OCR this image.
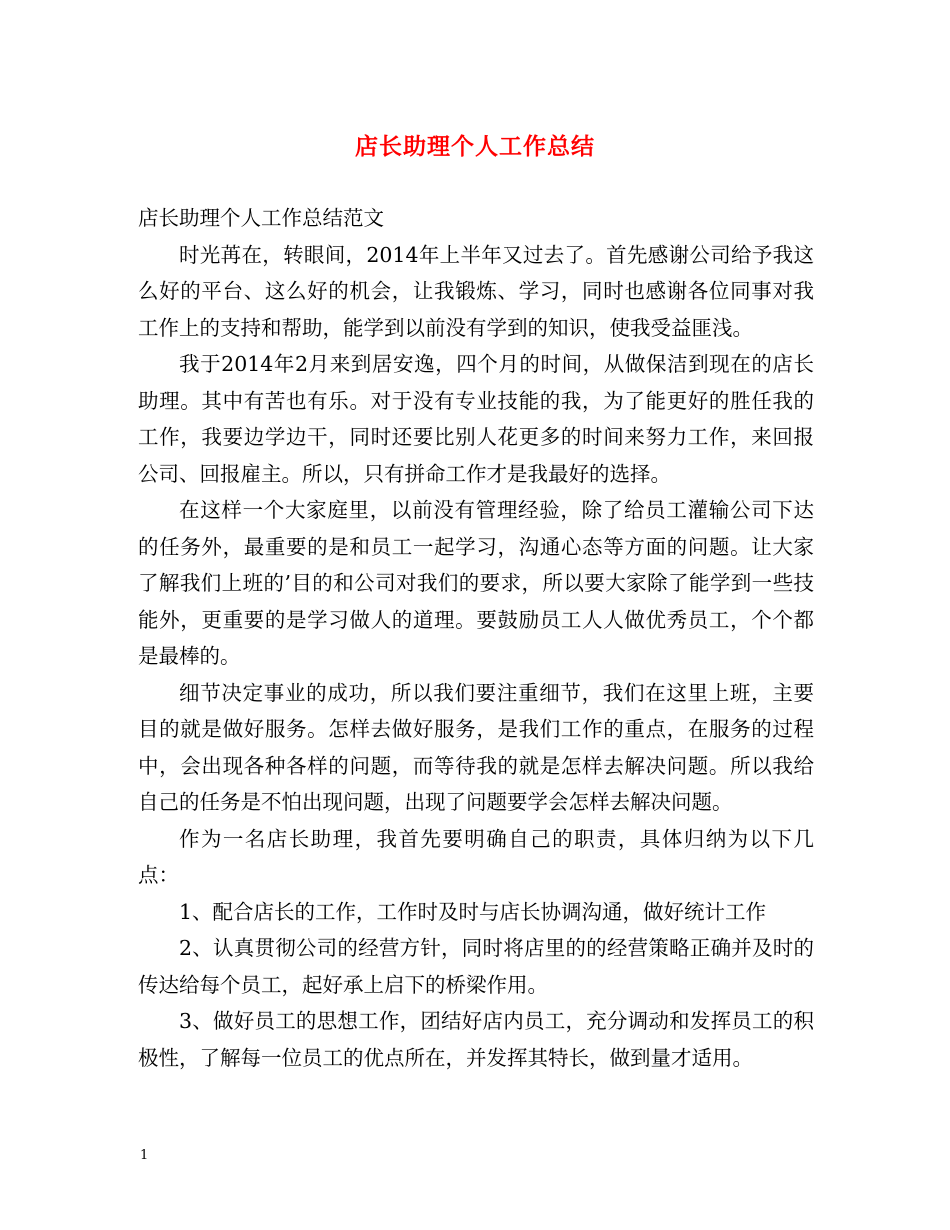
店长助理个人工作总结

店长助理个人工作总结范文

时光苒在，转眼间，2014年上半年又过去了。首先感谢公司给予我这么好的平台、这么好的机会，让我锻炼、学习，同时也感谢各位同事对我工作上的支持和帮助，能学到以前没有学到的知识，使我受益匪浅。

我于2014年2月来到居安逸，四个月的时间，从做保洁到现在的店长助理。其中有苦也有乐。对于没有专业技能的我，为了能更好的胜任我的工作，我要边学边干，同时还要比别人花更多的时间来努力工作，来回报公司、回报雇主。所以，只有拼命工作才是我最好的选择。

在这样一个大家庭里，以前没有管理经验，除了给员工灌输公司下达的任务外，最重要的是和员工一起学习，沟通心态等方面的问题。让大家了解我们上班的’目的和公司对我们的要求，所以要大家除了能学到一些技能外，更重要的是学习做人的道理。要鼓励员工人人做优秀员工，个个都是最棒的。

细节决定事业的成功，所以我们要注重细节，我们在这里上班，主要目的就是做好服务。怎样去做好服务，是我们工作的重点，在服务的过程中，会出现各种各样的问题，而等待我的就是怎样去解决问题。所以我给自己的任务是不怕出现问题，出现了问题要学会怎样去解决问题。

作为一名店长助理，我首先要明确自己的职责，具体归纳为以下几点：

1、配合店长的工作，工作时及时与店长协调沟通，做好统计工作

2、认真贯彻公司的经营方针，同时将店里的的经营策略正确并及时的传达给每个员工，起好承上启下的桥梁作用。

3、做好员工的思想工作，团结好店内员工，充分调动和发挥员工的积极性，了解每一位员工的优点所在，并发挥其特长，做到量才适用。

1
